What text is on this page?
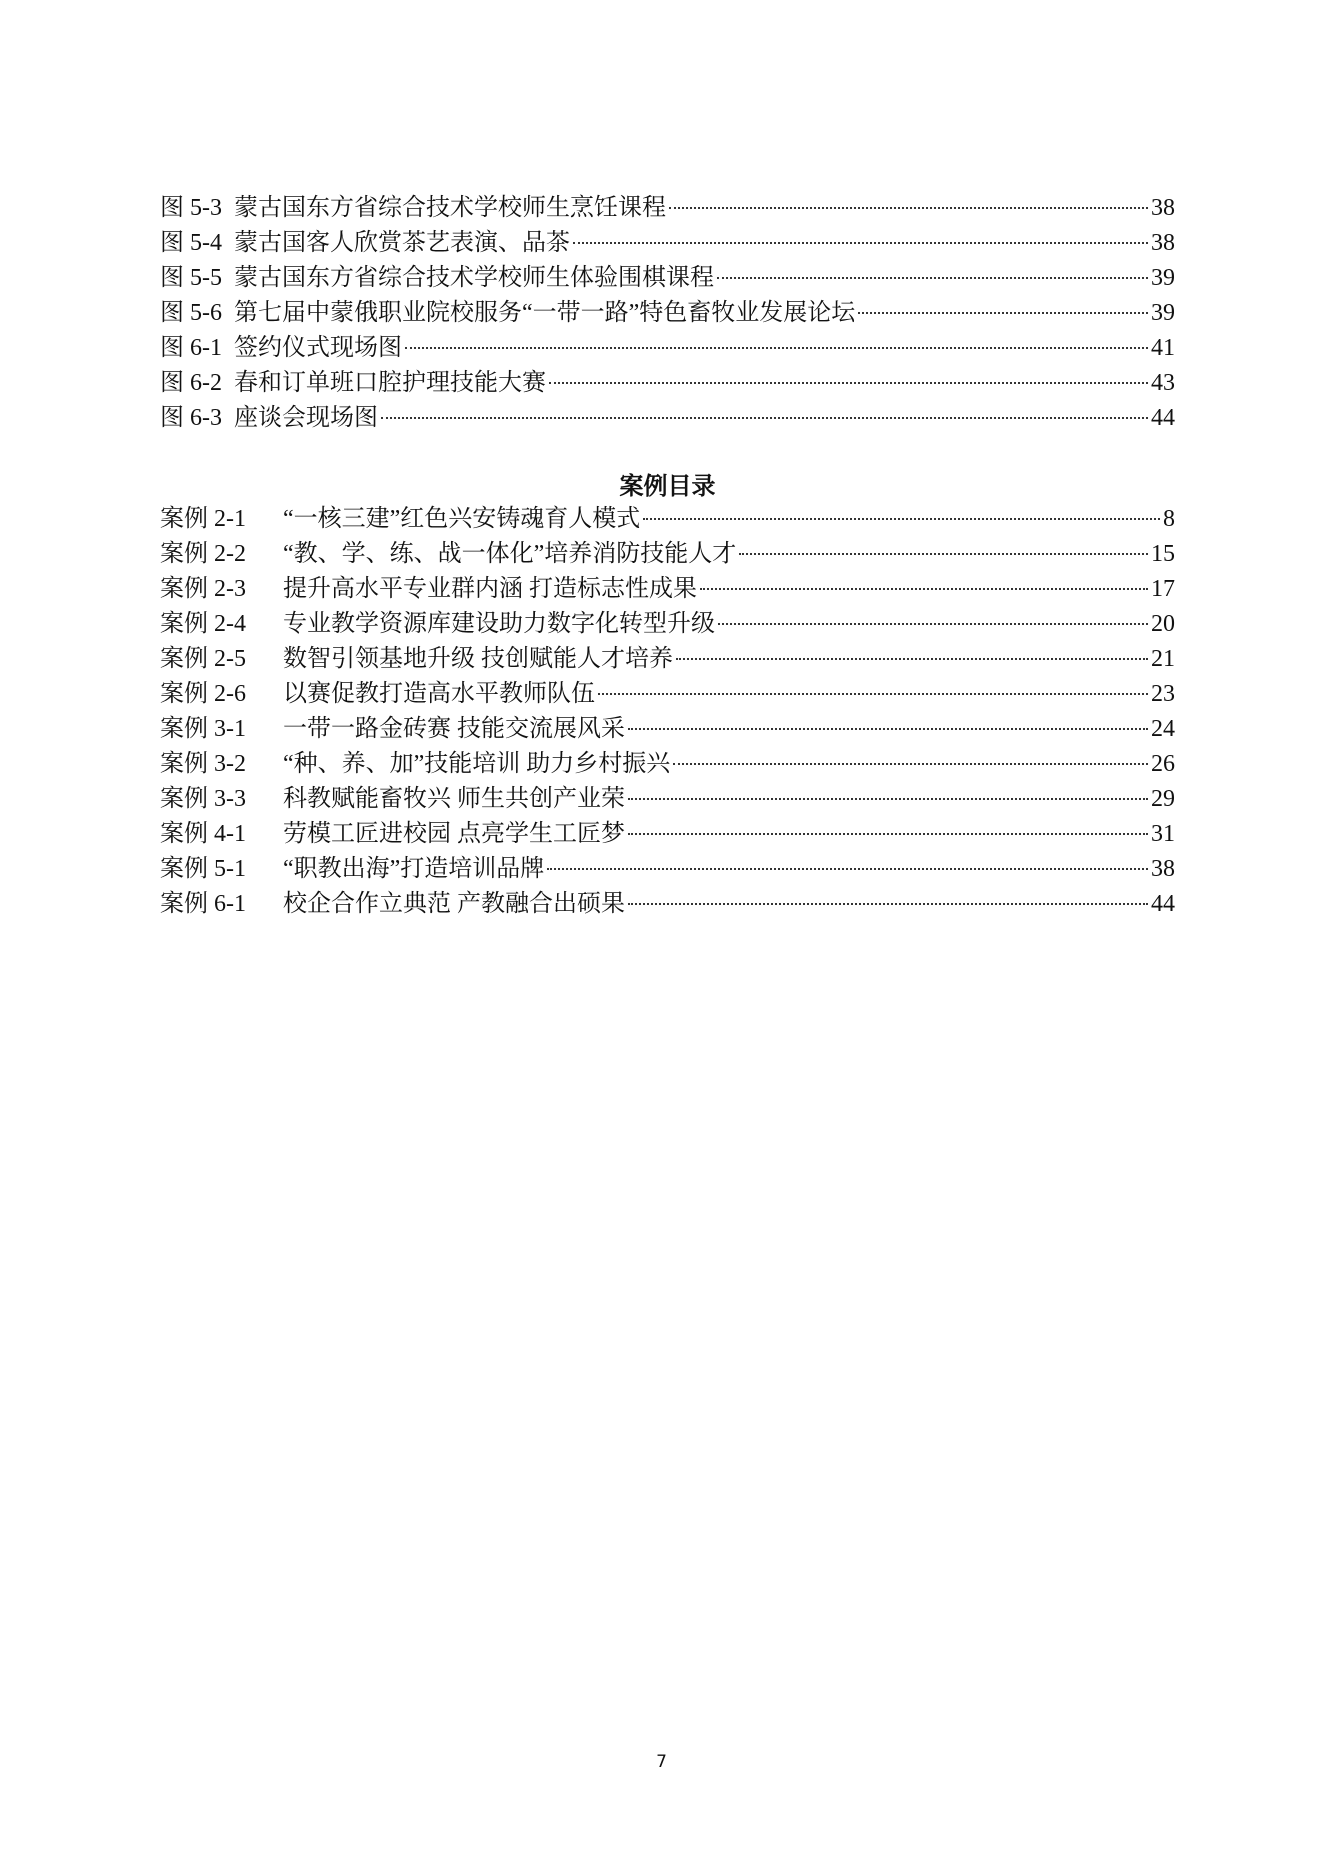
图 5-3 蒙古国东方省综合技术学校师生烹饪课程	38
图 5-4 蒙古国客人欣赏茶艺表演、品茶	38
图 5-5 蒙古国东方省综合技术学校师生体验围棋课程	39
图 5-6 第七届中蒙俄职业院校服务“一带一路”特色畜牧业发展论坛	39
图 6-1 签约仪式现场图	41
图 6-2 春和订单班口腔护理技能大赛	43
图 6-3 座谈会现场图	44
案例目录
案例 2-1	“一核三建”红色兴安铸魂育人模式	8
案例 2-2	“教、学、练、战一体化”培养消防技能人才	15
案例 2-3	提升高水平专业群内涵 打造标志性成果	17
案例 2-4	专业教学资源库建设助力数字化转型升级	20
案例 2-5	数智引领基地升级 技创赋能人才培养	21
案例 2-6	以赛促教打造高水平教师队伍	23
案例 3-1	一带一路金砖赛 技能交流展风采	24
案例 3-2	“种、养、加”技能培训 助力乡村振兴	26
案例 3-3	科教赋能畜牧兴 师生共创产业荣	29
案例 4-1	劳模工匠进校园 点亮学生工匠梦	31
案例 5-1	“职教出海”打造培训品牌	38
案例 6-1	校企合作立典范 产教融合出硕果	44
7
